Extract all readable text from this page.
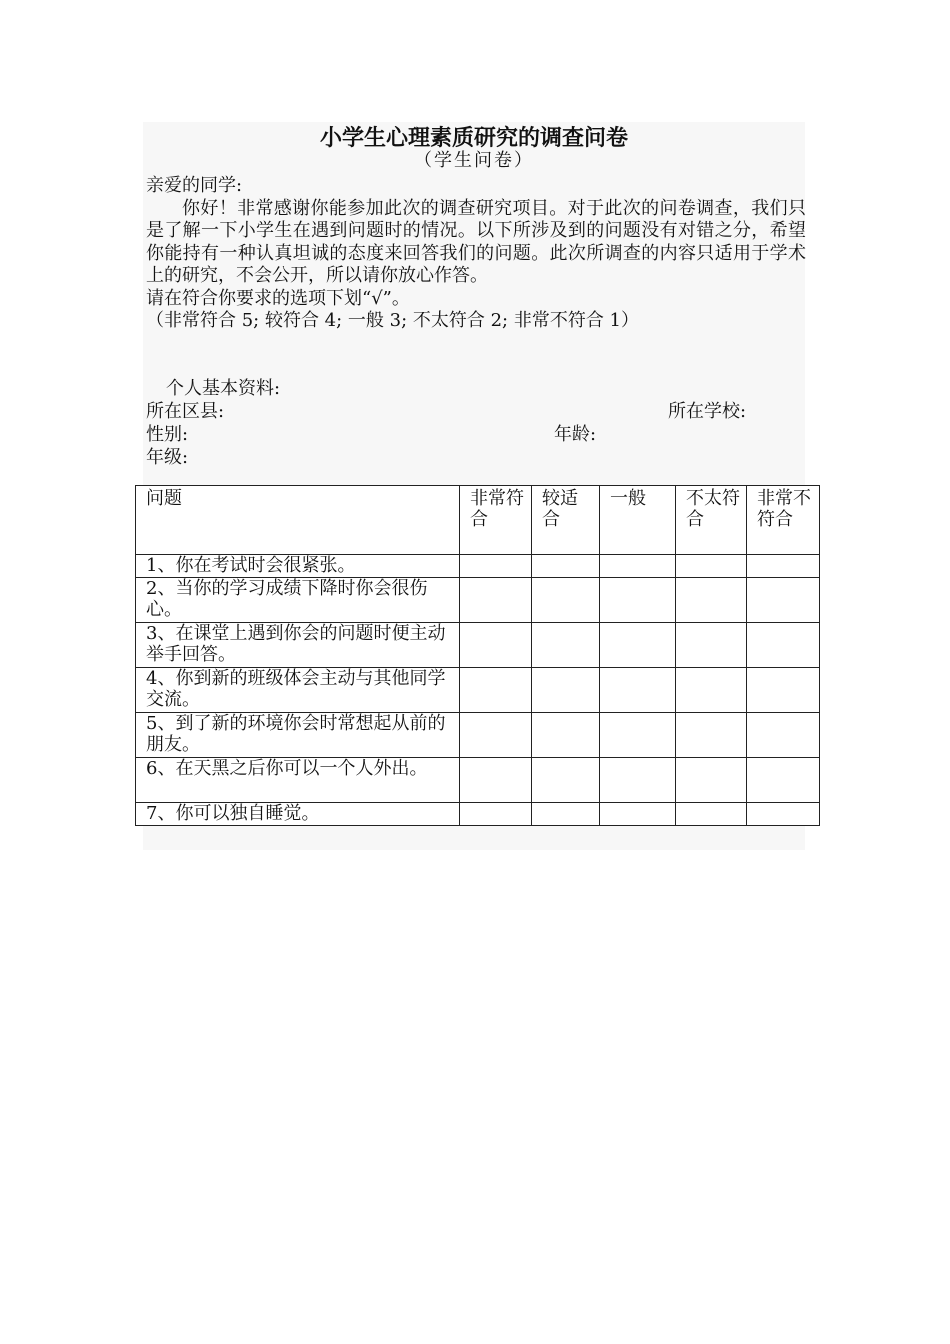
小学生心理素质研究的调查问卷
（学生问卷）

亲爱的同学:

你好！非常感谢你能参加此次的调查研究项目。对于此次的问卷调查，我们只是了解一下小学生在遇到问题时的情况。以下所涉及到的问题没有对错之分，希望你能持有一种认真坦诚的态度来回答我们的问题。此次所调查的内容只适用于学术上的研究，不会公开，所以请你放心作答。

请在符合你要求的选项下划“√”。

（非常符合 5; 较符合 4; 一般 3; 不太符合 2; 非常不符合 1）

个人基本资料:
所在区县:	所在学校:
性别:	年龄:
年级:
问题	非常符合	较适合	一般	不太符合	非常不符合
1、你在考试时会很紧张。					
2、当你的学习成绩下降时你会很伤心。					
3、在课堂上遇到你会的问题时便主动举手回答。					
4、你到新的班级体会主动与其他同学交流。					
5、到了新的环境你会时常想起从前的朋友。					
6、在天黑之后你可以一个人外出。					
7、你可以独自睡觉。					
